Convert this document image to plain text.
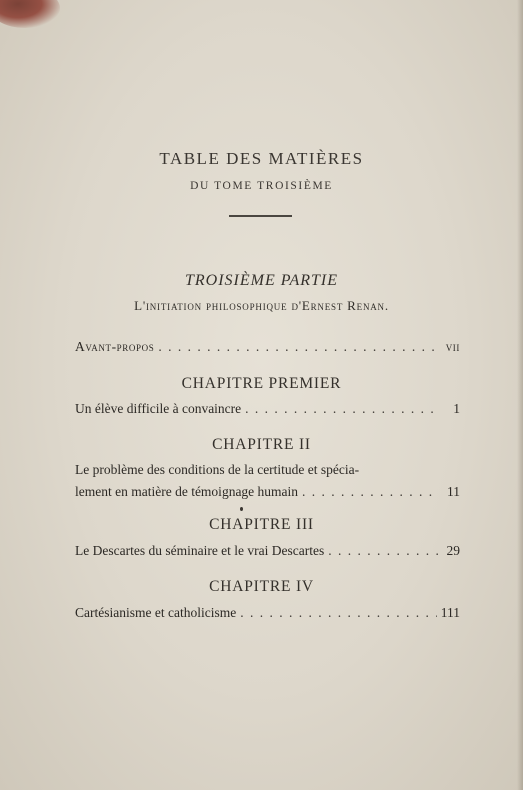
TABLE DES MATIÈRES
DU TOME TROISIÈME
TROISIÈME PARTIE
L'initiation philosophique d'Ernest Renan.
Avant-propos . . .	vii
CHAPITRE PREMIER
Un élève difficile à convaincre . . .	1
CHAPITRE II
Le problème des conditions de la certitude et spécia-
lement en matière de témoignage humain . . .	11
CHAPITRE III
Le Descartes du séminaire et le vrai Descartes . . .	29
CHAPITRE IV
Cartésianisme et catholicisme . . .	111
